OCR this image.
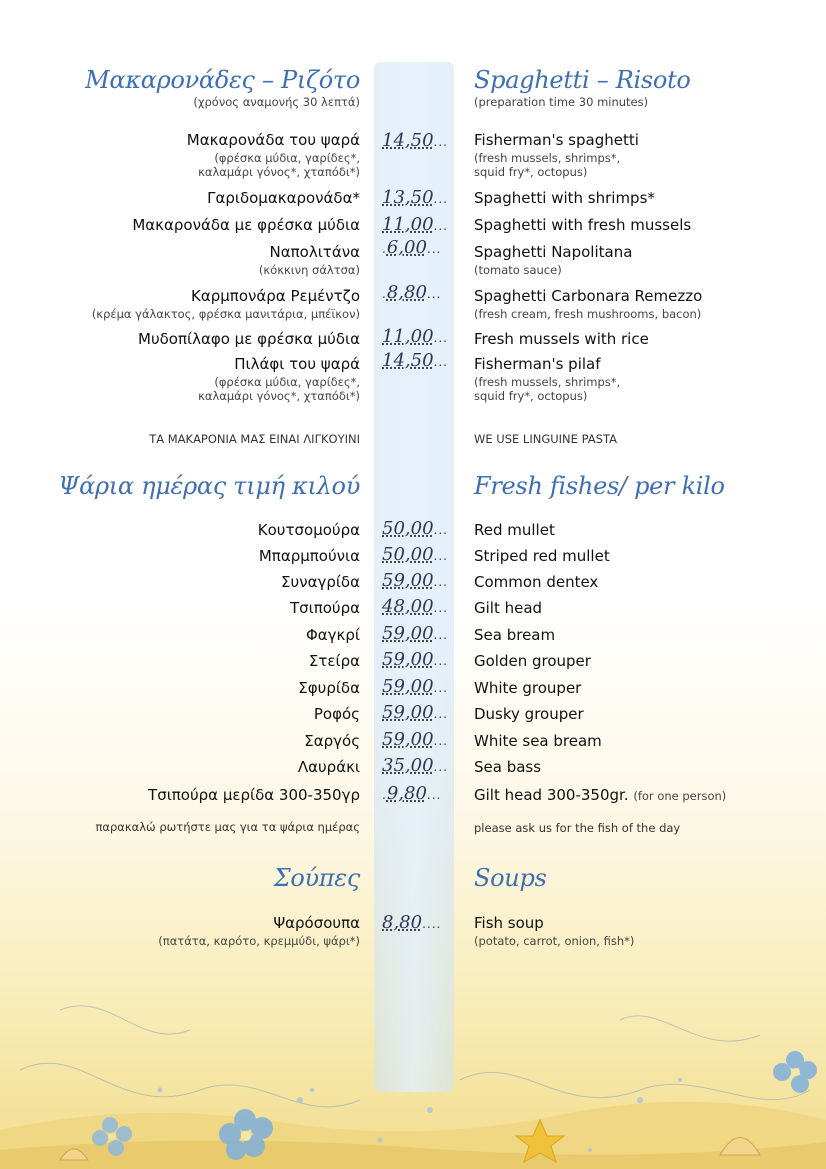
Μακαρονάδες – Ριζότο
(χρόνος αναμονής 30 λεπτά)
Spaghetti – Risoto
(preparation time 30 minutes)
Μακαρονάδα του ψαρά
(φρέσκα μύδια, γαρίδες*,
καλαμάρι γόνος*, χταπόδι*)
14,50...	Fisherman's spaghetti
(fresh mussels, shrimps*,
squid fry*, octopus)
Γαριδομακαρονάδα* 13,50...	Spaghetti with shrimps*
Μακαρονάδα με φρέσκα μύδια 11,00...	Spaghetti with fresh mussels
Ναπολιτάνα
(κόκκινη σάλτσα)
.6,00...	Spaghetti Napolitana
(tomato sauce)
Καρμπονάρα Ρεμέντζο
(κρέμα γάλακτος, φρέσκα μανιτάρια, μπέϊκον)
.8,80...	Spaghetti Carbonara Remezzo
(fresh cream, fresh mushrooms, bacon)
Μυδοπίλαφο με φρέσκα μύδια 11,00...	Fresh mussels with rice
Πιλάφι του ψαρά
(φρέσκα μύδια, γαρίδες*,
καλαμάρι γόνος*, χταπόδι*)
14,50...	Fisherman's pilaf
(fresh mussels, shrimps*,
squid fry*, octopus)
ΤΑ ΜΑΚΑΡΟΝΙΑ ΜΑΣ ΕΙΝΑΙ ΛΙΓΚΟΥΙΝΙ	WE USE LINGUINE PASTA
Ψάρια ημέρας τιμή κιλού	Fresh fishes/ per kilo
Κουτσομούρα 50,00...	Red mullet
Μπαρμπούνια 50,00...	Striped red mullet
Συναγρίδα 59,00...	Common dentex
Τσιπούρα 48,00...	Gilt head
Φαγκρί 59,00...	Sea bream
Στείρα 59,00...	Golden grouper
Σφυρίδα 59,00...	White grouper
Ροφός 59,00...	Dusky grouper
Σαργός 59,00...	White sea bream
Λαυράκι 35,00...	Sea bass
Τσιπούρα μερίδα 300-350γρ .9,80...	Gilt head 300-350gr. (for one person)
παρακαλώ ρωτήστε μας για τα ψάρια ημέρας	please ask us for the fish of the day
Σούπες	Soups
Ψαρόσουπα
(πατάτα, καρότο, κρεμμύδι, ψάρι*)
8,80....	Fish soup
(potato, carrot, onion, fish*)
